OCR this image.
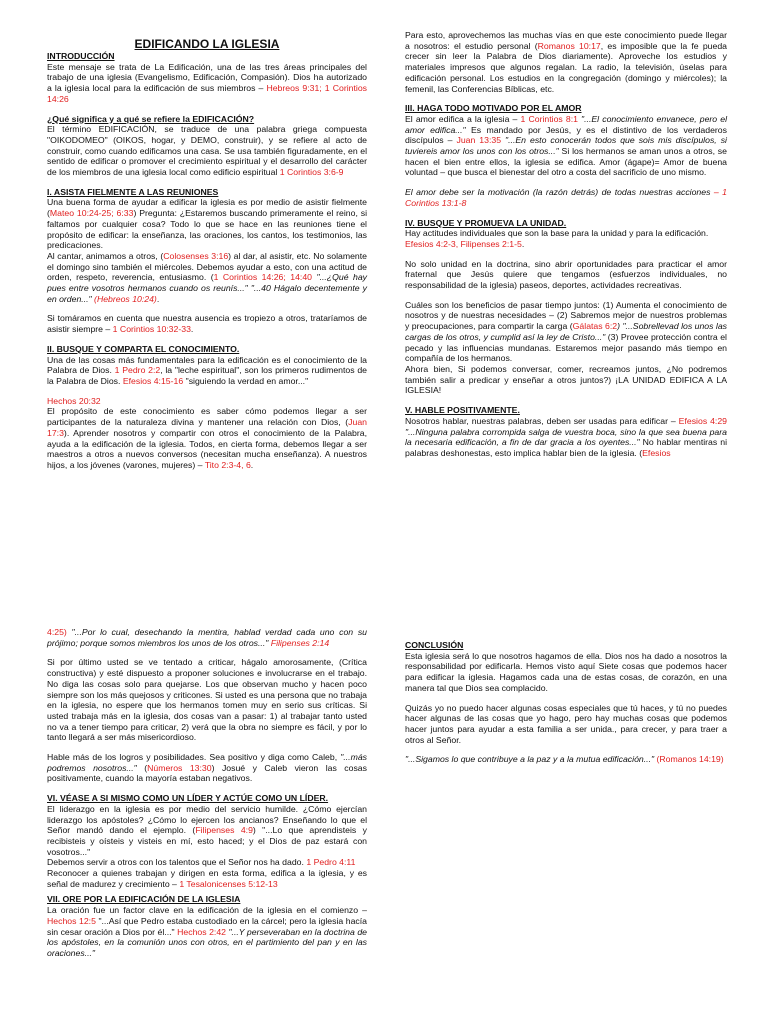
EDIFICANDO LA IGLESIA

INTRODUCCIÓN

Este mensaje se trata de La Edificación, una de las tres áreas principales del trabajo de una iglesia (Evangelismo, Edificación, Compasión). Dios ha autorizado a la iglesia local para la edificación de sus miembros – Hebreos 9:31; 1 Corintios 14:26

¿Qué significa y a qué se refiere la EDIFICACIÓN?

El término EDIFICACIÓN, se traduce de una palabra griega compuesta "OIKODOMEO" (OIKOS, hogar, y DEMO, construir), y se refiere al acto de construir, como cuando edificamos una casa. Se usa también figuradamente, en el sentido de edificar o promover el crecimiento espiritual y el desarrollo del carácter de los miembros de una iglesia local como edificio espiritual 1 Corintios 3:6-9

I. ASISTA FIELMENTE A LAS REUNIONES

Una buena forma de ayudar a edificar la iglesia es por medio de asistir fielmente (Mateo 10:24-25; 6:33) Pregunta: ¿Estaremos buscando primeramente el reino, si faltamos por cualquier cosa? Todo lo que se hace en las reuniones tiene el propósito de edificar: la enseñanza, las oraciones, los cantos, los testimonios, las predicaciones.

Al cantar, animamos a otros, (Colosenses 3:16) al dar, al asistir, etc. No solamente el domingo sino también el miércoles. Debemos ayudar a esto, con una actitud de orden, respeto, reverencia, entusiasmo. (1 Corintios 14:26; 14:40 "...¿Qué hay pues entre vosotros hermanos cuando os reunís..." "...40 Hágalo decentemente y en orden..." (Hebreos 10:24).

Si tomáramos en cuenta que nuestra ausencia es tropiezo a otros, trataríamos de asistir siempre – 1 Corintios 10:32-33.

II. BUSQUE Y COMPARTA EL CONOCIMIENTO.

Una de las cosas más fundamentales para la edificación es el conocimiento de la Palabra de Dios. 1 Pedro 2:2, la "leche espiritual", son los primeros rudimentos de la Palabra de Dios. Efesios 4:15-16 "siguiendo la verdad en amor..."

Hechos 20:32

El propósito de este conocimiento es saber cómo podemos llegar a ser participantes de la naturaleza divina y mantener una relación con Dios, (Juan 17:3). Aprender nosotros y compartir con otros el conocimiento de la Palabra, ayuda a la edificación de la iglesia. Todos, en cierta forma, debemos llegar a ser maestros a otros a nuevos conversos (necesitan mucha enseñanza). A nuestros hijos, a los jóvenes (varones, mujeres) – Tito 2:3-4, 6.

Para esto, aprovechemos las muchas vías en que este conocimiento puede llegar a nosotros: el estudio personal (Romanos 10:17, es imposible que la fe pueda crecer sin leer la Palabra de Dios diariamente). Aproveche los estudios y materiales impresos que algunos regalan. La radio, la televisión, úselas para edificación personal. Los estudios en la congregación (domingo y miércoles); la femenil, las Conferencias Bíblicas, etc.

III. HAGA TODO MOTIVADO POR EL AMOR

El amor edifica a la iglesia – 1 Corintios 8:1 "...El conocimiento envanece, pero el amor edifica..." Es mandado por Jesús, y es el distintivo de los verdaderos discípulos – Juan 13:35 "...En esto conocerán todos que sois mis discípulos, si tuviereis amor los unos con los otros..." Si los hermanos se aman unos a otros, se hacen el bien entre ellos, la iglesia se edifica. Amor (ágape)= Amor de buena voluntad – que busca el bienestar del otro a costa del sacrificio de uno mismo.

El amor debe ser la motivación (la razón detrás) de todas nuestras acciones – 1 Corintios 13:1-8

IV. BUSQUE Y PROMUEVA LA UNIDAD.

Hay actitudes individuales que son la base para la unidad y para la edificación.

Efesios 4:2-3, Filipenses 2:1-5.

No solo unidad en la doctrina, sino abrir oportunidades para practicar el amor fraternal que Jesús quiere que tengamos (esfuerzos individuales, no responsabilidad de la iglesia) paseos, deportes, actividades recreativas.

Cuáles son los beneficios de pasar tiempo juntos: (1) Aumenta el conocimiento de nosotros y de nuestras necesidades – (2) Sabremos mejor de nuestros problemas y preocupaciones, para compartir la carga (Gálatas 6:2) "...Sobrellevad los unos las cargas de los otros, y cumplid así la ley de Cristo..." (3) Provee protección contra el pecado y las influencias mundanas. Estaremos mejor pasando más tiempo en compañía de los hermanos.

Ahora bien, Si podemos conversar, comer, recreamos juntos, ¿No podremos también salir a predicar y enseñar a otros juntos?) ¡LA UNIDAD EDIFICA A LA IGLESIA!

V. HABLE POSITIVAMENTE.

Nosotros hablar, nuestras palabras, deben ser usadas para edificar – Efesios 4:29 "...Ninguna palabra corrompida salga de vuestra boca, sino la que sea buena para la necesaria edificación, a fin de dar gracia a los oyentes..." No hablar mentiras ni palabras deshonestas, esto implica hablar bien de la iglesia. (Efesios

4:25) "...Por lo cual, desechando la mentira, hablad verdad cada uno con su prójimo; porque somos miembros los unos de los otros..." Filipenses 2:14

Si por último usted se ve tentado a criticar, hágalo amorosamente, (Crítica constructiva) y esté dispuesto a proponer soluciones e involucrarse en el trabajo. No diga las cosas solo para quejarse. Los que observan mucho y hacen poco siempre son los más quejosos y criticones. Si usted es una persona que no trabaja en la iglesia, no espere que los hermanos tomen muy en serio sus críticas. Si usted trabaja más en la iglesia, dos cosas van a pasar: 1) al trabajar tanto usted no va a tener tiempo para criticar, 2) verá que la obra no siempre es fácil, y por lo tanto llegará a ser más misericordioso.

Hable más de los logros y posibilidades. Sea positivo y diga como Caleb, "...más podremos nosotros..." (Números 13:30) Josué y Caleb vieron las cosas positivamente, cuando la mayoría estaban negativos.

VI. VÉASE A SI MISMO COMO UN LÍDER Y ACTÚE COMO UN LÍDER.

El liderazgo en la iglesia es por medio del servicio humilde. ¿Cómo ejercían liderazgo los apóstoles? ¿Cómo lo ejercen los ancianos? Enseñando lo que el Señor mandó dando el ejemplo. (Filipenses 4:9) "...Lo que aprendisteis y recibisteis y oísteis y visteis en mí, esto haced; y el Dios de paz estará con vosotros..."

Debemos servir a otros con los talentos que el Señor nos ha dado. 1 Pedro 4:11

Reconocer a quienes trabajan y dirigen en esta forma, edifica a la iglesia, y es señal de madurez y crecimiento – 1 Tesalonicenses 5:12-13

VII. ORE POR LA EDIFICACIÓN DE LA IGLESIA

La oración fue un factor clave en la edificación de la iglesia en el comienzo – Hechos 12:5 "...Así que Pedro estaba custodiado en la cárcel; pero la iglesia hacía sin cesar oración a Dios por él..." Hechos 2:42 "...Y perseveraban en la doctrina de los apóstoles, en la comunión unos con otros, en el partimiento del pan y en las oraciones..."

CONCLUSIÓN

Esta iglesia será lo que nosotros hagamos de ella. Dios nos ha dado a nosotros la responsabilidad por edificarla. Hemos visto aquí Siete cosas que podemos hacer para edificar la iglesia. Hagamos cada una de estas cosas, de corazón, en una manera tal que Dios sea complacido.

Quizás yo no puedo hacer algunas cosas especiales que tú haces, y tú no puedes hacer algunas de las cosas que yo hago, pero hay muchas cosas que podemos hacer juntos para ayudar a esta familia a ser unida., para crecer, y para traer a otros al Señor.

"...Sigamos lo que contribuye a la paz y a la mutua edificación..." (Romanos 14:19)
